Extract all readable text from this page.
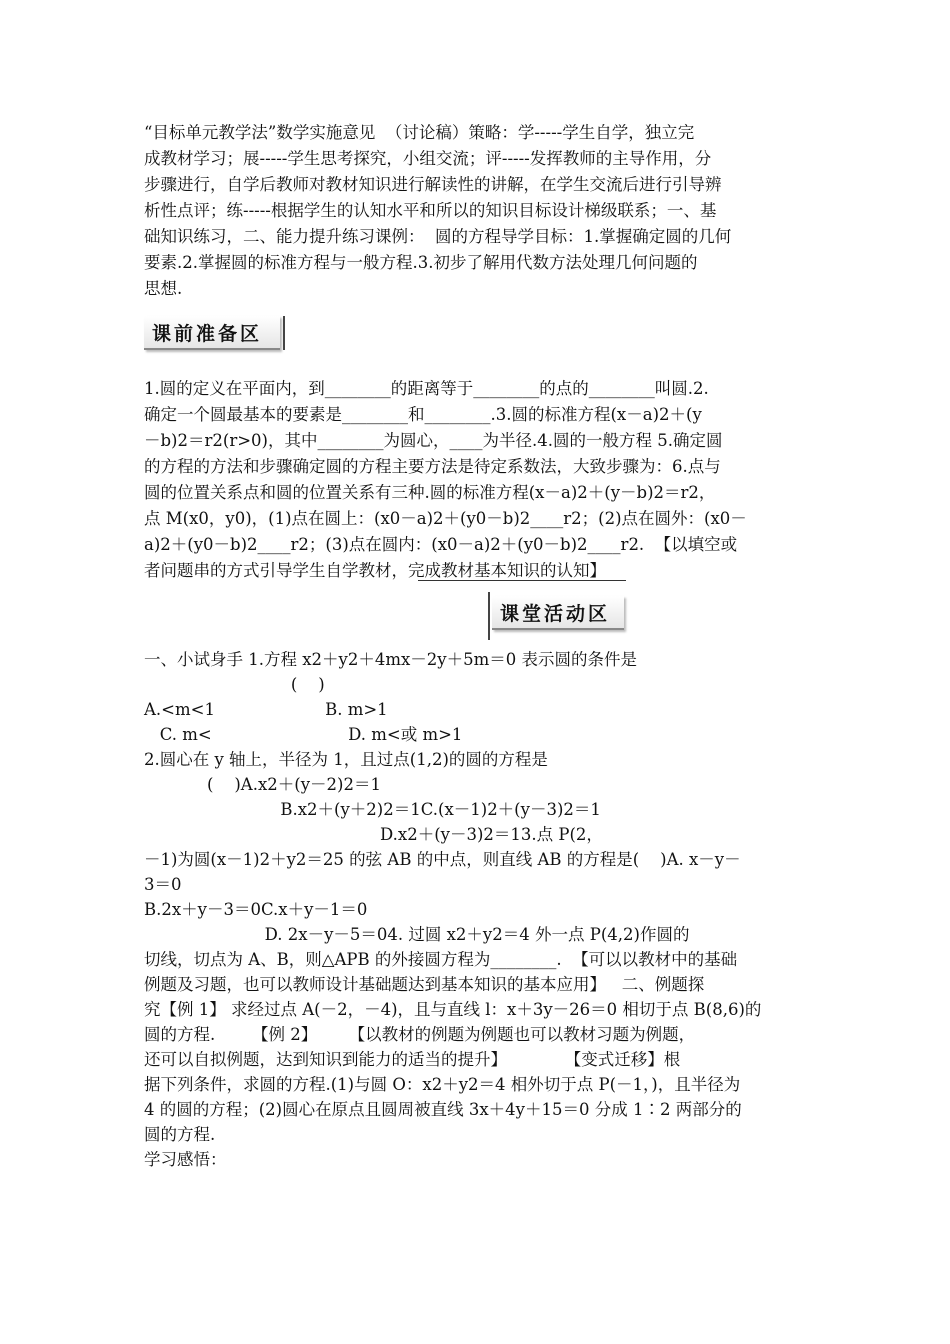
“目标单元教学法”数学实施意见  （讨论稿）策略：学-----学生自学，独立完
成教材学习；展-----学生思考探究，小组交流；评-----发挥教师的主导作用，分
步骤进行，自学后教师对教材知识进行解读性的讲解，在学生交流后进行引导辨
析性点评；练-----根据学生的认知水平和所以的知识目标设计梯级联系；一、基
础知识练习，二、能力提升练习课例：  圆的方程导学目标：1.掌握确定圆的几何
要素.2.掌握圆的标准方程与一般方程.3.初步了解用代数方法处理几何问题的
思想.
课前准备区
1.圆的定义在平面内，到________的距离等于________的点的________叫圆.2.
确定一个圆最基本的要素是________和________.3.圆的标准方程(x－a)2＋(y
－b)2＝r2(r>0)，其中________为圆心，____为半径.4.圆的一般方程 5.确定圆
的方程的方法和步骤确定圆的方程主要方法是待定系数法，大致步骤为：6.点与
圆的位置关系点和圆的位置关系有三种.圆的标准方程(x－a)2＋(y－b)2＝r2，
点 M(x0，y0)，(1)点在圆上：(x0－a)2＋(y0－b)2____r2；(2)点在圆外：(x0－
a)2＋(y0－b)2____r2；(3)点在圆内：(x0－a)2＋(y0－b)2____r2.  【以填空或
者问题串的方式引导学生自学教材，完成教材基本知识的认知】
课堂活动区
一、小试身手 1.方程 x2＋y2＋4mx－2y＋5m＝0 表示圆的条件是
(    )
A.<m<1                     B. m>1
C. m<                          D. m<或 m>1
2.圆心在 y 轴上，半径为 1，且过点(1,2)的圆的方程是
(    )A.x2＋(y－2)2＝1
B.x2＋(y＋2)2＝1C.(x－1)2＋(y－3)2＝1
D.x2＋(y－3)2＝13.点 P(2，
－1)为圆(x－1)2＋y2＝25 的弦 AB 的中点，则直线 AB 的方程是(    )A. x－y－
3＝0
B.2x＋y－3＝0C.x＋y－1＝0
D. 2x－y－5＝04. 过圆 x2＋y2＝4 外一点 P(4,2)作圆的
切线，切点为 A、B，则△APB 的外接圆方程为________.  【可以以教材中的基础
例题及习题，也可以教师设计基础题达到基本知识的基本应用】   二、例题探
究【例 1】 求经过点 A(－2，－4)，且与直线 l：x＋3y－26＝0 相切于点 B(8,6)的
圆的方程.       【例 2】      【以教材的例题为例题也可以教材习题为例题，
还可以自拟例题，达到知识到能力的适当的提升】           【变式迁移】根
据下列条件，求圆的方程.(1)与圆 O：x2＋y2＝4 相外切于点 P(－1，)，且半径为
4 的圆的方程；(2)圆心在原点且圆周被直线 3x＋4y＋15＝0 分成 1∶2 两部分的
圆的方程.
学习感悟：
